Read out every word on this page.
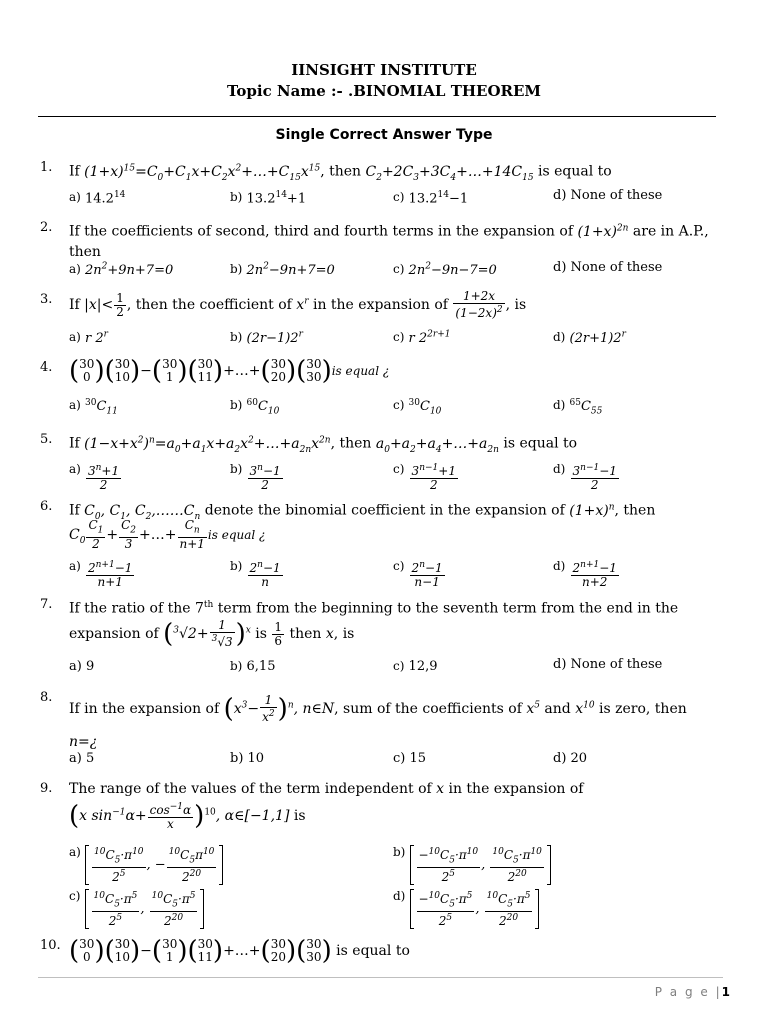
IINSIGHT INSTITUTE
Topic Name :- .BINOMIAL THEOREM
Single Correct Answer Type
1. If $(1+x)^{15}=C_0+C_1x+C_2x^2+\dots+C_{15}x^{15}$, then $C_2+2C_3+3C_4+\dots+14C_{15}$ is equal to
a) 14.2$^{14}$	b) $13.2^{14}+1$	c) $13.2^{14}-1$	d) None of these
2. If the coefficients of second, third and fourth terms in the expansion of $(1+x)^{2n}$ are in A.P., then
a) $2n^2+9n+7=0$	b) $2n^2-9n+7=0$	c) $2n^2-9n-7=0$	d) None of these
3. If $|x|< \frac{1}{2}$ , then the coefficient of $x^r$ in the expansion of $\frac{1+2x}{(1-2x)^2}$ , is
a) r 2$^r$	b) $(2r-1)2^r$	c) r $2^{2r+1}$	d) $(2r+1)2^r$
4. (30
0 )(30
10)−(30
1 )(30
11)+…+(30
20)(30
30)is equal ¿
a) $^{30}C_{11}$	b) $^{60}C_{10}$	c) $^{30}C_{10}$	d) $^{65}C_{55}$
5. If $(1-x+x^2)^n=a_0+a_1x+a_2x^2+\dots+a_{2n}x^{2n}$, then $a_0+a_2+a_4+\dots+a_{2n}$ is equal to
$a) \frac{3^n+1}{2}$	$b) \frac{3^n-1}{2}$	$c) \frac{3^{n-1}+1}{2}$	$d) \frac{3^{n-1}-1}{2}$
6. If $C_0$, $C_1$, $C_2,\dots\dots C_n$ denote the binomial coefficient in the expansion of $(1+x)^n$, then
$C_0 \frac{C_1}{2} + \frac{C_2}{3}$ +…+ $\frac{C_n}{n+1}$ is equal ¿
$a) \frac{2^{n+1}-1}{n+1}$	$b) \frac{2^n-1}{n}$	$c) \frac{2^n-1}{n-1}$	$d) \frac{2^{n+1}-1}{n+2}$
7. If the ratio of the 7th term from the beginning to the seventh term from the end in the
expansion of $(^3√2+ \frac{1}{^3√3} )^x$ is $\frac{1}{6}$ then x, is
a) 9	b) 6,15	c) 12,9	d) None of these
8.
If in the expansion of $(x^3- \frac{1}{x^2} )^n$, n∈N, sum of the coefficients of $x^5$ and $x^{10}$ is zero, then
n=¿
a) 5	b) 10	c) 15	d) 20
9. The range of the values of the term independent of x in the expansion of
(x $\sin^{-1}\alpha+ \frac{\cos^{-1}\alpha}{x} )^{10}$, α∈[−1,1] is
$a) \frac{^{10}C_5\cdot\pi^{10}}{2^5}$ , − $\frac{^{10}C_5\pi^{10}}{2^{20}}$	$b) \frac{-^{10}C_5\cdot\pi^{10}}{2^5}$ , $\frac{^{10}C_5\cdot\pi^{10}}{2^{20}}$
$c) \frac{^{10}C_5\cdot\pi^5}{2^5}$ , $\frac{^{10}C_5\cdot\pi^5}{2^{20}}$	$d) \frac{-^{10}C_5\cdot\pi^5}{2^5}$ , $\frac{^{10}C_5\cdot\pi^5}{2^{20}}$
10. (30
0 )(30
10)−(30
1 )(30
11)+…+(30
20)(30
30) is equal to
P a g e |1
